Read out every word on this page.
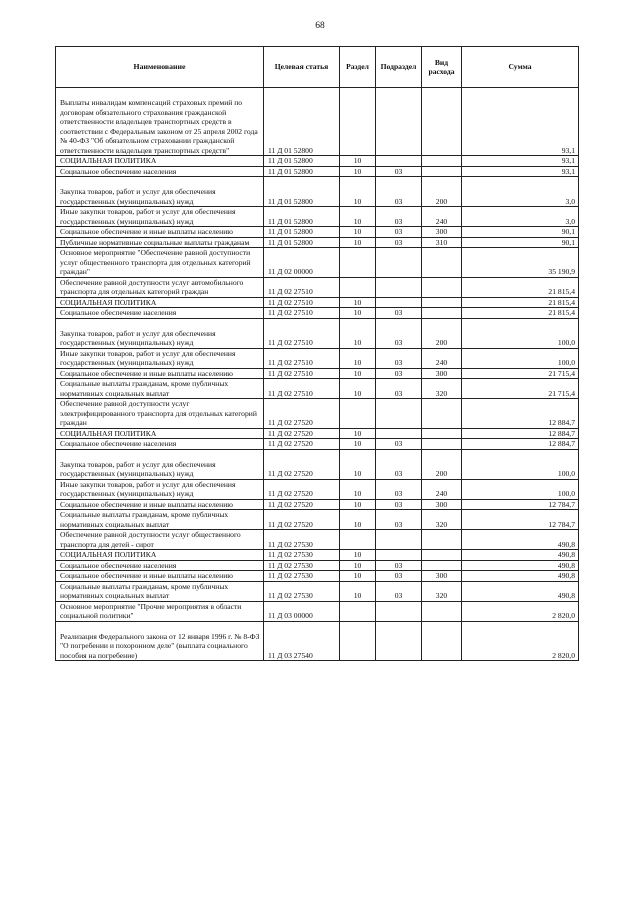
68
Наименование	Целевая статья	Раздел	Подраздел	Вид расхода	Сумма
Выплаты инвалидам компенсаций страховых премий по договорам обязательного страхования гражданской ответственности владельцев транспортных средств в соответствии с Федеральным законом от 25 апреля 2002 года № 40-ФЗ "Об обязательном страховании гражданской ответственности владельцев транспортных средств"	11 Д 01 52800				93,1
СОЦИАЛЬНАЯ ПОЛИТИКА	11 Д 01 52800	10			93,1
Социальное обеспечение населения	11 Д 01 52800	10	03		93,1
Закупка товаров, работ и услуг для обеспечения государственных (муниципальных) нужд	11 Д 01 52800	10	03	200	3,0
Иные закупки товаров, работ и услуг для обеспечения государственных (муниципальных) нужд	11 Д 01 52800	10	03	240	3,0
Социальное обеспечение и иные выплаты населению	11 Д 01 52800	10	03	300	90,1
Публичные нормативные социальные выплаты гражданам	11 Д 01 52800	10	03	310	90,1
Основное мероприятие "Обеспечение равной доступности услуг общественного транспорта для отдельных категорий граждан"	11 Д 02 00000				35 190,9
Обеспечение равной доступности услуг автомобильного транспорта для отдельных категорий граждан	11 Д 02 27510				21 815,4
СОЦИАЛЬНАЯ ПОЛИТИКА	11 Д 02 27510	10			21 815,4
Социальное обеспечение населения	11 Д 02 27510	10	03		21 815,4
Закупка товаров, работ и услуг для обеспечения государственных (муниципальных) нужд	11 Д 02 27510	10	03	200	100,0
Иные закупки товаров, работ и услуг для обеспечения государственных (муниципальных) нужд	11 Д 02 27510	10	03	240	100,0
Социальное обеспечение и иные выплаты населению	11 Д 02 27510	10	03	300	21 715,4
Социальные выплаты гражданам, кроме публичных нормативных социальных выплат	11 Д 02 27510	10	03	320	21 715,4
Обеспечение равной доступности услуг электрифицированного транспорта для отдельных категорий граждан	11 Д 02 27520				12 884,7
СОЦИАЛЬНАЯ ПОЛИТИКА	11 Д 02 27520	10			12 884,7
Социальное обеспечение населения	11 Д 02 27520	10	03		12 884,7
Закупка товаров, работ и услуг для обеспечения государственных (муниципальных) нужд	11 Д 02 27520	10	03	200	100,0
Иные закупки товаров, работ и услуг для обеспечения государственных (муниципальных) нужд	11 Д 02 27520	10	03	240	100,0
Социальное обеспечение и иные выплаты населению	11 Д 02 27520	10	03	300	12 784,7
Социальные выплаты гражданам, кроме публичных нормативных социальных выплат	11 Д 02 27520	10	03	320	12 784,7
Обеспечение равной доступности услуг общественного транспорта для детей - сирот	11 Д 02 27530				490,8
СОЦИАЛЬНАЯ ПОЛИТИКА	11 Д 02 27530	10			490,8
Социальное обеспечение населения	11 Д 02 27530	10	03		490,8
Социальное обеспечение и иные выплаты населению	11 Д 02 27530	10	03	300	490,8
Социальные выплаты гражданам, кроме публичных нормативных социальных выплат	11 Д 02 27530	10	03	320	490,8
Основное мероприятие "Прочие мероприятия в области социальной политики"	11 Д 03 00000				2 820,0
Реализация Федерального закона от 12 января 1996 г. № 8-ФЗ "О погребении и похоронном деле" (выплата социального пособия на погребение)	11 Д 03 27540				2 820,0
